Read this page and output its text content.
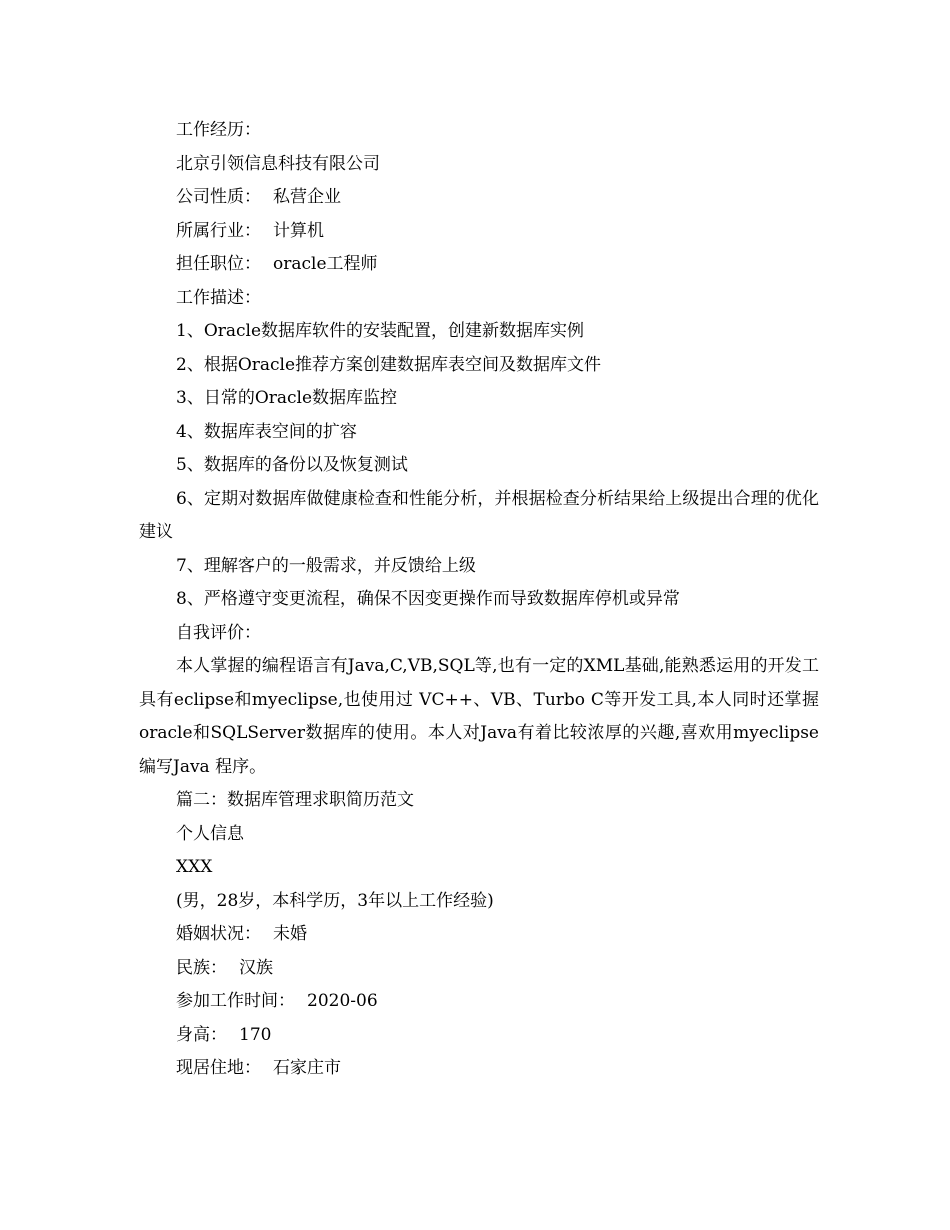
工作经历：
北京引领信息科技有限公司
公司性质： 私营企业
所属行业： 计算机
担任职位： oracle工程师
工作描述：
1、Oracle数据库软件的安装配置，创建新数据库实例
2、根据Oracle推荐方案创建数据库表空间及数据库文件
3、日常的Oracle数据库监控
4、数据库表空间的扩容
5、数据库的备份以及恢复测试
6、定期对数据库做健康检查和性能分析，并根据检查分析结果给上级提出合理的优化建议
7、理解客户的一般需求，并反馈给上级
8、严格遵守变更流程，确保不因变更操作而导致数据库停机或异常
自我评价：
本人掌握的编程语言有Java,C,VB,SQL等,也有一定的XML基础,能熟悉运用的开发工具有eclipse和myeclipse,也使用过 VC++、VB、Turbo C等开发工具,本人同时还掌握oracle和SQLServer数据库的使用。本人对Java有着比较浓厚的兴趣,喜欢用myeclipse编写Java 程序。
篇二：数据库管理求职简历范文
个人信息
XXX
(男，28岁，本科学历，3年以上工作经验)
婚姻状况： 未婚
民族： 汉族
参加工作时间： 2020-06
身高： 170
现居住地： 石家庄市
